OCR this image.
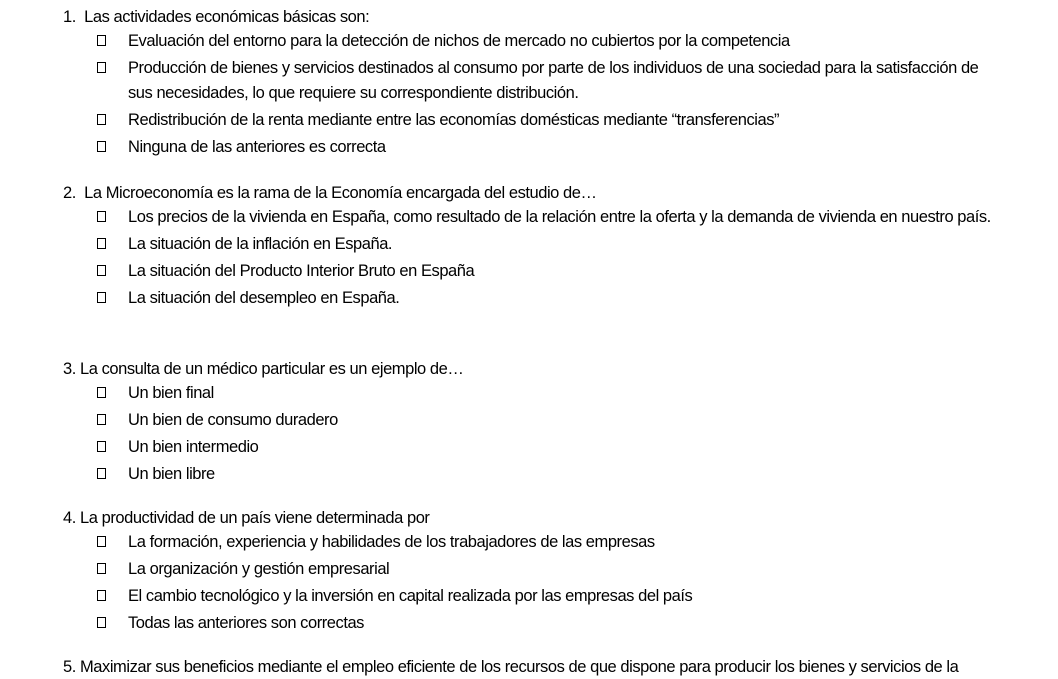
1. Las actividades económicas básicas son:
Evaluación del entorno para la detección de nichos de mercado no cubiertos por la competencia
Producción de bienes y servicios destinados al consumo por parte de los individuos de una sociedad para la satisfacción de sus necesidades, lo que requiere su correspondiente distribución.
Redistribución de la renta mediante entre las economías domésticas mediante “transferencias”
Ninguna de las anteriores es correcta
2. La Microeconomía es la rama de la Economía encargada del estudio de…
Los precios de la vivienda en España, como resultado de la relación entre la oferta y la demanda de vivienda en nuestro país.
La situación de la inflación en España.
La situación del Producto Interior Bruto en España
La situación del desempleo en España.
3. La consulta de un médico particular es un ejemplo de…
Un bien final
Un bien de consumo duradero
Un bien intermedio
Un bien libre
4. La productividad de un país viene determinada por
La formación, experiencia y habilidades de los trabajadores de las empresas
La organización y gestión empresarial
El cambio tecnológico y la inversión en capital realizada por las empresas del país
Todas las anteriores son correctas
5. Maximizar sus beneficios mediante el empleo eficiente de los recursos de que dispone para producir los bienes y servicios de la
